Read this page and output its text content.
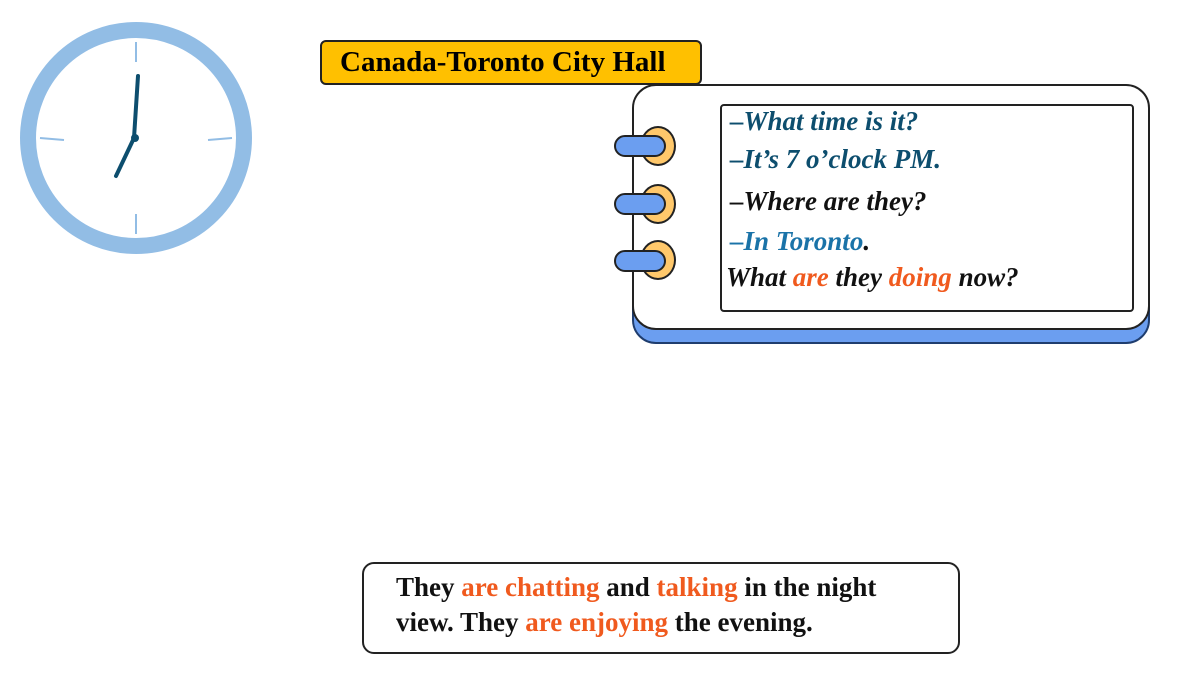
Canada-Toronto City Hall
–What time is it?
–It’s 7 o’clock PM.
–Where are they?
–In Toronto.
What are they doing now?
They are chatting and talking in the night view. They are enjoying the evening.
